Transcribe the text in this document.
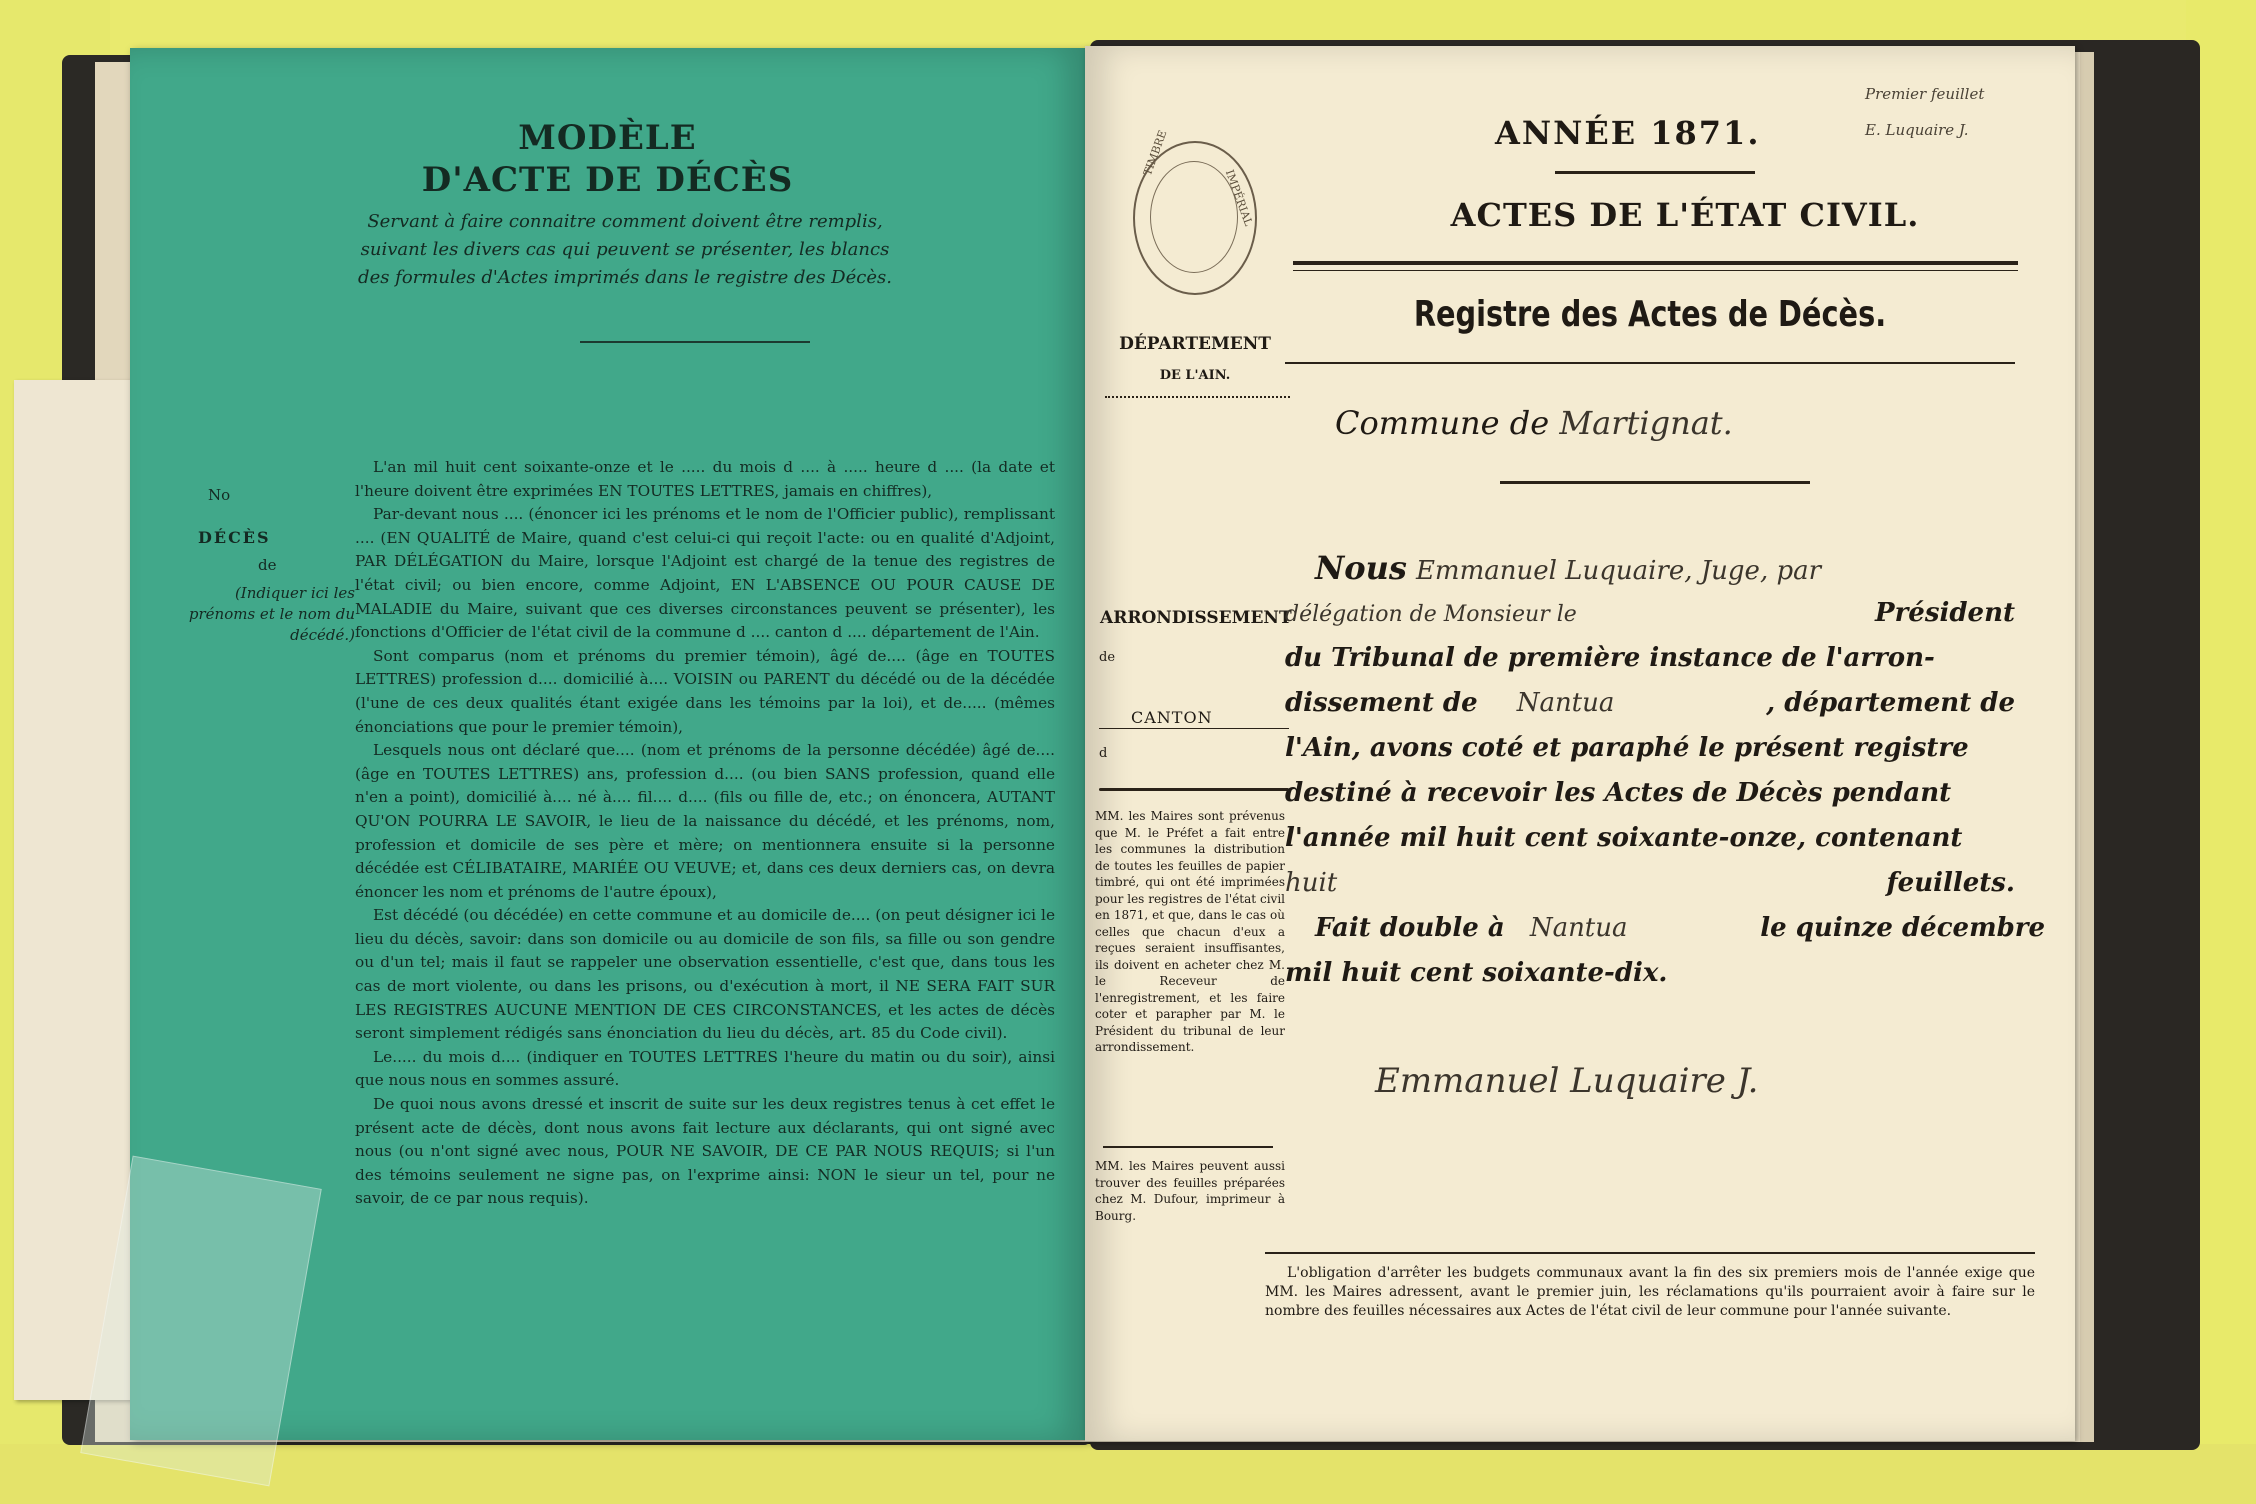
MODÈLE
D'ACTE DE DÉCÈS
Servant à faire connaitre comment doivent être remplis, suivant les divers cas qui peuvent se présenter, les blancs des formules d'Actes imprimés dans le registre des Décès.
No
DÉCÈS
de
(Indiquer ici les prénoms et le nom du décédé.)

L'an mil huit cent soixante-onze et le ..... du mois d .... à ..... heure d .... (la date et l'heure doivent être exprimées EN TOUTES LETTRES, jamais en chiffres),

Par-devant nous .... (énoncer ici les prénoms et le nom de l'Officier public), remplissant .... (EN QUALITÉ de Maire, quand c'est celui-ci qui reçoit l'acte: ou en qualité d'Adjoint, PAR DÉLÉGATION du Maire, lorsque l'Adjoint est chargé de la tenue des registres de l'état civil; ou bien encore, comme Adjoint, EN L'ABSENCE OU POUR CAUSE DE MALADIE du Maire, suivant que ces diverses circonstances peuvent se présenter), les fonctions d'Officier de l'état civil de la commune d .... canton d .... département de l'Ain.

Sont comparus (nom et prénoms du premier témoin), âgé de.... (âge en TOUTES LETTRES) profession d.... domicilié à.... VOISIN ou PARENT du décédé ou de la décédée (l'une de ces deux qualités étant exigée dans les témoins par la loi), et de..... (mêmes énonciations que pour le premier témoin),

Lesquels nous ont déclaré que.... (nom et prénoms de la personne décédée) âgé de.... (âge en TOUTES LETTRES) ans, profession d.... (ou bien SANS profession, quand elle n'en a point), domicilié à.... né à.... fil.... d.... (fils ou fille de, etc.; on énoncera, AUTANT QU'ON POURRA LE SAVOIR, le lieu de la naissance du décédé, et les prénoms, nom, profession et domicile de ses père et mère; on mentionnera ensuite si la personne décédée est CÉLIBATAIRE, MARIÉE OU VEUVE; et, dans ces deux derniers cas, on devra énoncer les nom et prénoms de l'autre époux),

Est décédé (ou décédée) en cette commune et au domicile de.... (on peut désigner ici le lieu du décès, savoir: dans son domicile ou au domicile de son fils, sa fille ou son gendre ou d'un tel; mais il faut se rappeler une observation essentielle, c'est que, dans tous les cas de mort violente, ou dans les prisons, ou d'exécution à mort, il NE SERA FAIT SUR LES REGISTRES AUCUNE MENTION DE CES CIRCONSTANCES, et les actes de décès seront simplement rédigés sans énonciation du lieu du décès, art. 85 du Code civil).

Le..... du mois d.... (indiquer en TOUTES LETTRES l'heure du matin ou du soir), ainsi que nous nous en sommes assuré.

De quoi nous avons dressé et inscrit de suite sur les deux registres tenus à cet effet le présent acte de décès, dont nous avons fait lecture aux déclarants, qui ont signé avec nous (ou n'ont signé avec nous, POUR NE SAVOIR, DE CE PAR NOUS REQUIS; si l'un des témoins seulement ne signe pas, on l'exprime ainsi: NON le sieur un tel, pour ne savoir, de ce par nous requis).

Premier feuillet
E. Luquaire J.
TIMBRE
IMPÉRIAL
ANNÉE 1871.
ACTES DE L'ÉTAT CIVIL.
Registre des Actes de Décès.
DÉPARTEMENT
DE L'AIN.
Commune de Martignat.
ARRONDISSEMENT
de
CANTON
d
MM. les Maires sont prévenus que M. le Préfet a fait entre les communes la distribution de toutes les feuilles de papier timbré, qui ont été imprimées pour les registres de l'état civil en 1871, et que, dans le cas où celles que chacun d'eux a reçues seraient insuffisantes, ils doivent en acheter chez M. le Receveur de l'enregistrement, et les faire coter et parapher par M. le Président du tribunal de leur arrondissement.
MM. les Maires peuvent aussi trouver des feuilles préparées chez M. Dufour, imprimeur à Bourg.
Nous Emmanuel Luquaire, Juge, par
délégation de Monsieur le	Président
du Tribunal de première instance de l'arron-
dissement de Nantua	, département de
l'Ain, avons coté et paraphé le présent registre
destiné à recevoir les Actes de Décès pendant
l'année mil huit cent soixante-onze, contenant
huit	feuillets.
Fait double à Nantua	le quinze décembre
mil huit cent soixante-dix.
Emmanuel Luquaire J.

L'obligation d'arrêter les budgets communaux avant la fin des six premiers mois de l'année exige que MM. les Maires adressent, avant le premier juin, les réclamations qu'ils pourraient avoir à faire sur le nombre des feuilles nécessaires aux Actes de l'état civil de leur commune pour l'année suivante.
